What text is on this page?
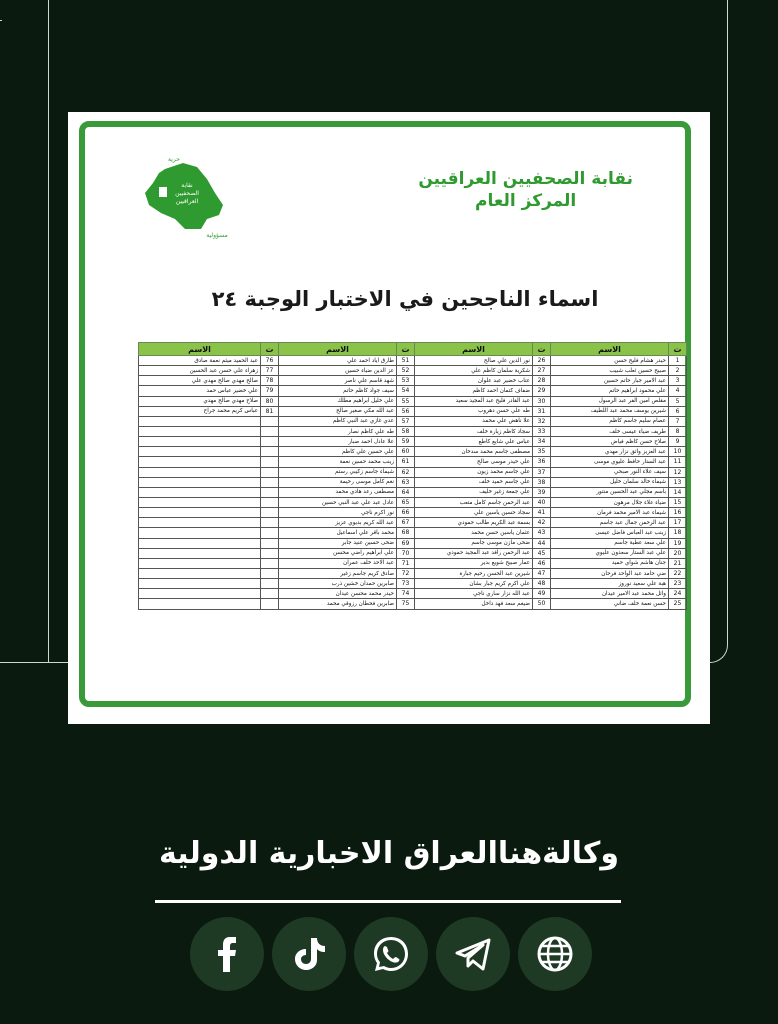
حرية
نقابة
الصحفيين
العراقيين
مسؤولية
نقابة الصحفيين العراقيين
المركز العام
اسماء الناجحين في الاختبار الوجبة ٢٤
ت	الاسم	ت	الاسم	ت	الاسم	ت	الاسم
1	حيدر هشام فليح حسن	26	نور الدين علي صالح	51	طارق اياد احمد علي	76	عبد الحميد ميثم نعمة صادق
2	صبيح حسين ثعلب شبيب	27	شكرية سلمان كاظم علي	52	عز الدين ضياء حسين	77	زهراء علي حسن عبد الحسين
3	عبد الامير جبار حاتم حسين	28	عتاب خضير عبد علوان	53	شهد قاسم علي ناصر	78	صالح مهدي صالح مهدي علي
4	علي محمود ابراهيم حاتم	29	ضفاف كتمان احمد كاظم	54	سيف جواد كاظم حاتم	79	علي خضير عباس حمد
5	مقلص امين الفر عبد الرسول	30	عبد القادر فليح عبد المجيد سعيد	55	علي خليل ابراهيم مطلك	80	صلاح مهدي صالح مهدي
6	شيرين يوسف محمد عبد اللطيف	31	طه علي حسن دهروب	56	عبد الله مكي صغير صالح	81	عباس كريم محمد جراح
7	عصام سليم جاسم كاظم	32	علا ناهض علي محمد	57	عدي غازي عبد النبي كاظم		
8	طريف ضياء عيسى خلف	33	سجاد كاظم زيارة خلف	58	طه علي كاظم نصار		
9	صلاح حسن كاظم فياض	34	عباس علي شايع كاطع	59	علا عادل احمد صبار		
10	عبد العزيز وائق نزار مهدي	35	مصطفى جاسم محمد سدخان	60	علي حسين علي كاظم		
11	عبد الستار حافظ عليوي موسى	36	علي حيدر موسى صالح	61	زينب محمد حسين نعمة		
12	سيف علاء النور صبحي	37	علي جاسم محمد زيون	62	شيماء جاسم زكيبي رستم		
13	شيماء خالد سلمان خليل	38	علي جاسم حميد خلف	63	نغم كامل موسى رحيمة		
14	باسم مجلي عبد الحسين منتور	39	علي جمعة زغير خليف	64	مصطفى رعد هادي محمد		
15	ضياء علاء جلال مرهون	40	عبد الرحمن جاسم كامل متعب	65	عادل عبد علي عبد النبي حسين		
16	شيماء عبد الامير محمد فرمان	41	سجاد حسين ياسين علي	66	نور اكرم ناجي		
17	عبد الرحمن جمال عبد جاسم	42	بسمة عبد الكريم طالب حمودي	67	عبد الله كريم بديوي عزيز		
18	زينب عبد العباس فاضل عيسى	43	عثمان ياسين حسن محمد	68	محمد باقر علي اسماعيل		
19	علي سعد عطية جاسم	44	ضحى مازن موسى جاسم	69	ضحى حسين عنيد جابر		
20	علي عبد الستار سعدون عليوي	45	عبد الرحمن رافد عبد المجيد حمودي	70	علي ابراهيم راضي محسن		
21	جنان هاشم شواي حميد	46	عمار صبيح شويع بدير	71	عبد الاحد خلف عمران		
22	ضي حامد عبد الواحد فرحان	47	شيرين عبد الحسن رحيم جبارة	72	صادق كريم جاسم زغير		
23	هبة علي سعيد نوروز	48	علي اكرم كريم جبار بشان	73	صابرين حمدان خشين ذرب		
24	وائل محمد عبد الامير عيدان	49	عبد الله نزار ساري ناجي	74	حيدر محمد محسن عيدان		
25	حسن نعمة خلف ضاني	50	ضيغم سعد فهد داخل	75	صابرين فحطان رزوقي محمد		
وكالةهناالعراق الاخبارية الدولية
